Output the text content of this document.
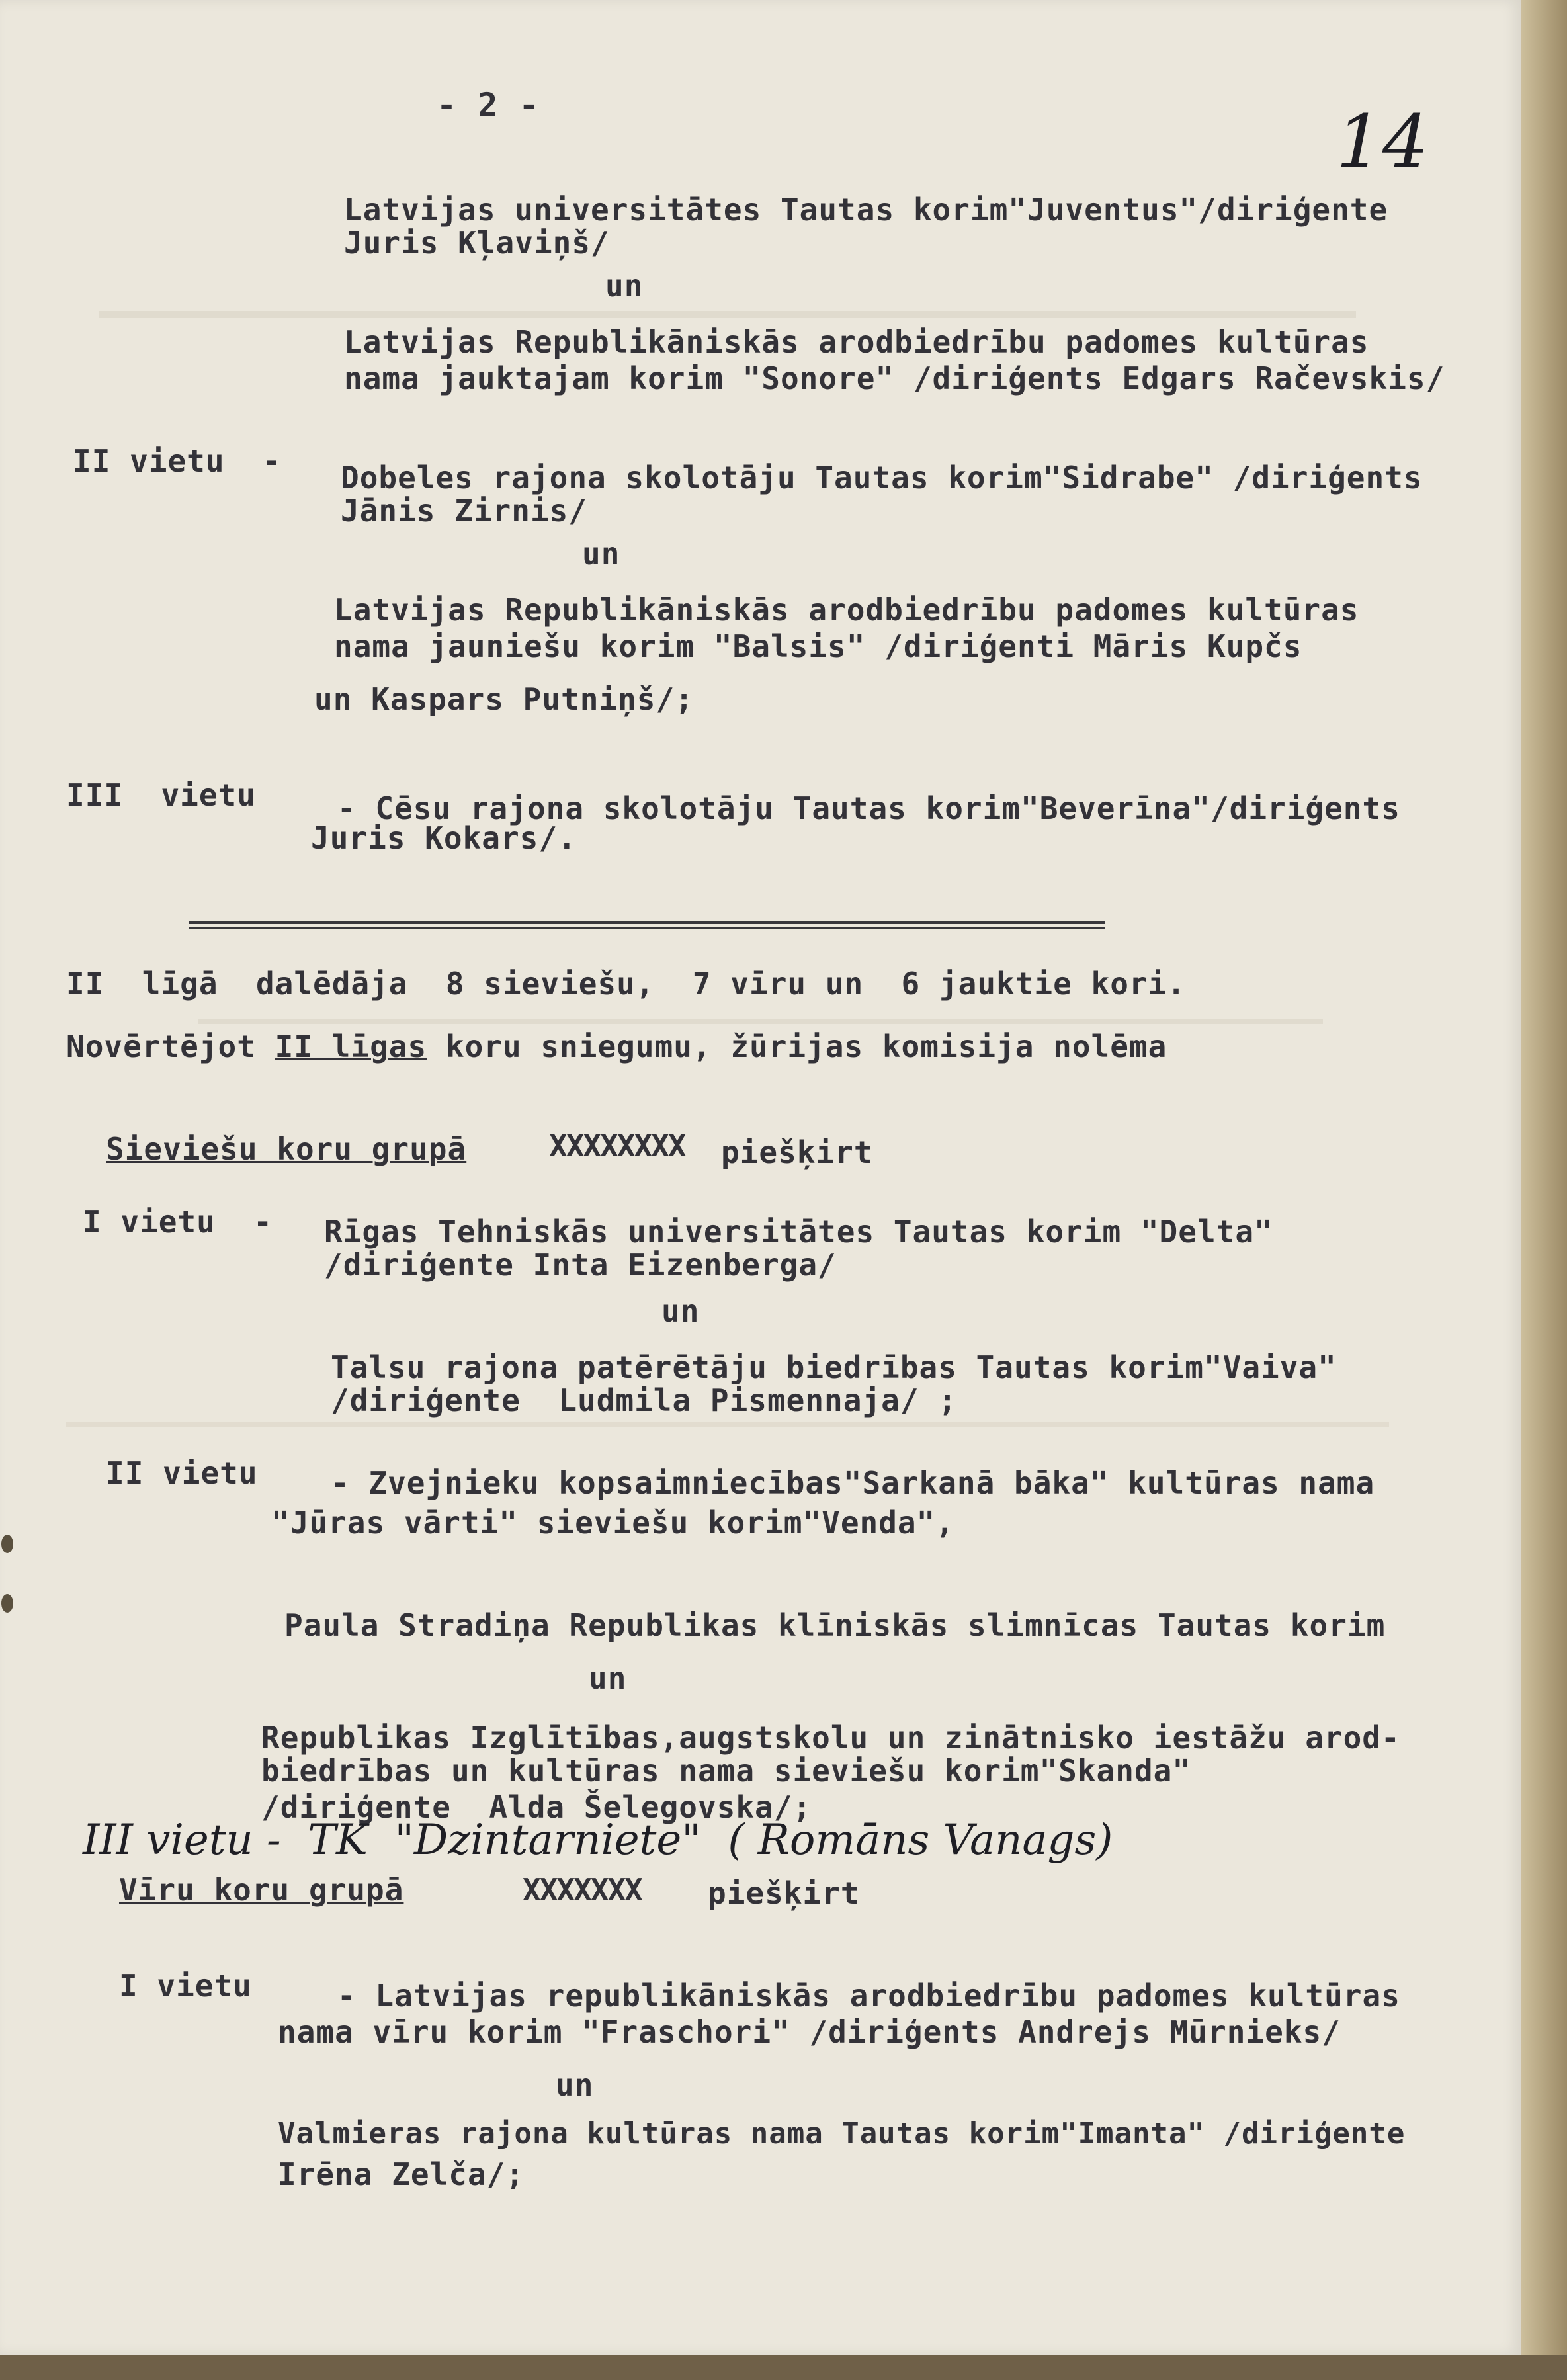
- 2 -	14
Latvijas universitātes Tautas korim"Juventus"/diriģente
Juris Kļaviņš/
un
Latvijas Republikāniskās arodbiedrību padomes kultūras
nama jauktajam korim "Sonore" /diriģents Edgars Račevskis/
II vietu  - Dobeles rajona skolotāju Tautas korim"Sidrabe" /diriģents
Jānis Zirnis/
un
Latvijas Republikāniskās arodbiedrību padomes kultūras
nama jauniešu korim "Balsis" /diriģenti Māris Kupčs
un Kaspars Putniņš/;
III  vietu	- Cēsu rajona skolotāju Tautas korim"Beverīna"/diriģents
Juris Kokars/.
II  līgā  dalēdāja  8 sieviešu,  7 vīru un  6 jauktie kori.
Novērtējot II līgas koru sniegumu, žūrijas komisija nolēma
Sieviešu koru grupā	XXXXXXXX piešķirt
I vietu  - Rīgas Tehniskās universitātes Tautas korim "Delta"
/diriģente Inta Eizenberga/
un
Talsu rajona patērētāju biedrības Tautas korim"Vaiva"
/diriģente  Ludmila Pismennaja/ ;
II vietu - Zvejnieku kopsaimniecības"Sarkanā bāka" kultūras nama
"Jūras vārti" sieviešu korim"Venda",
Paula Stradiņa Republikas klīniskās slimnīcas Tautas korim
un
Republikas Izglītības,augstskolu un zinātnisko iestāžu arod-
biedrības un kultūras nama sieviešu korim"Skanda"
/diriģente  Alda Šelegovska/;
III vietu -  TK  "Dzintarniete"  ( Romāns Vanags)
Vīru koru grupā	XXXXXXX piešķirt
I vietu	- Latvijas republikāniskās arodbiedrību padomes kultūras
nama vīru korim "Fraschori" /diriģents Andrejs Mūrnieks/
un
Valmieras rajona kultūras nama Tautas korim"Imanta" /diriģente
Irēna Zelča/;
